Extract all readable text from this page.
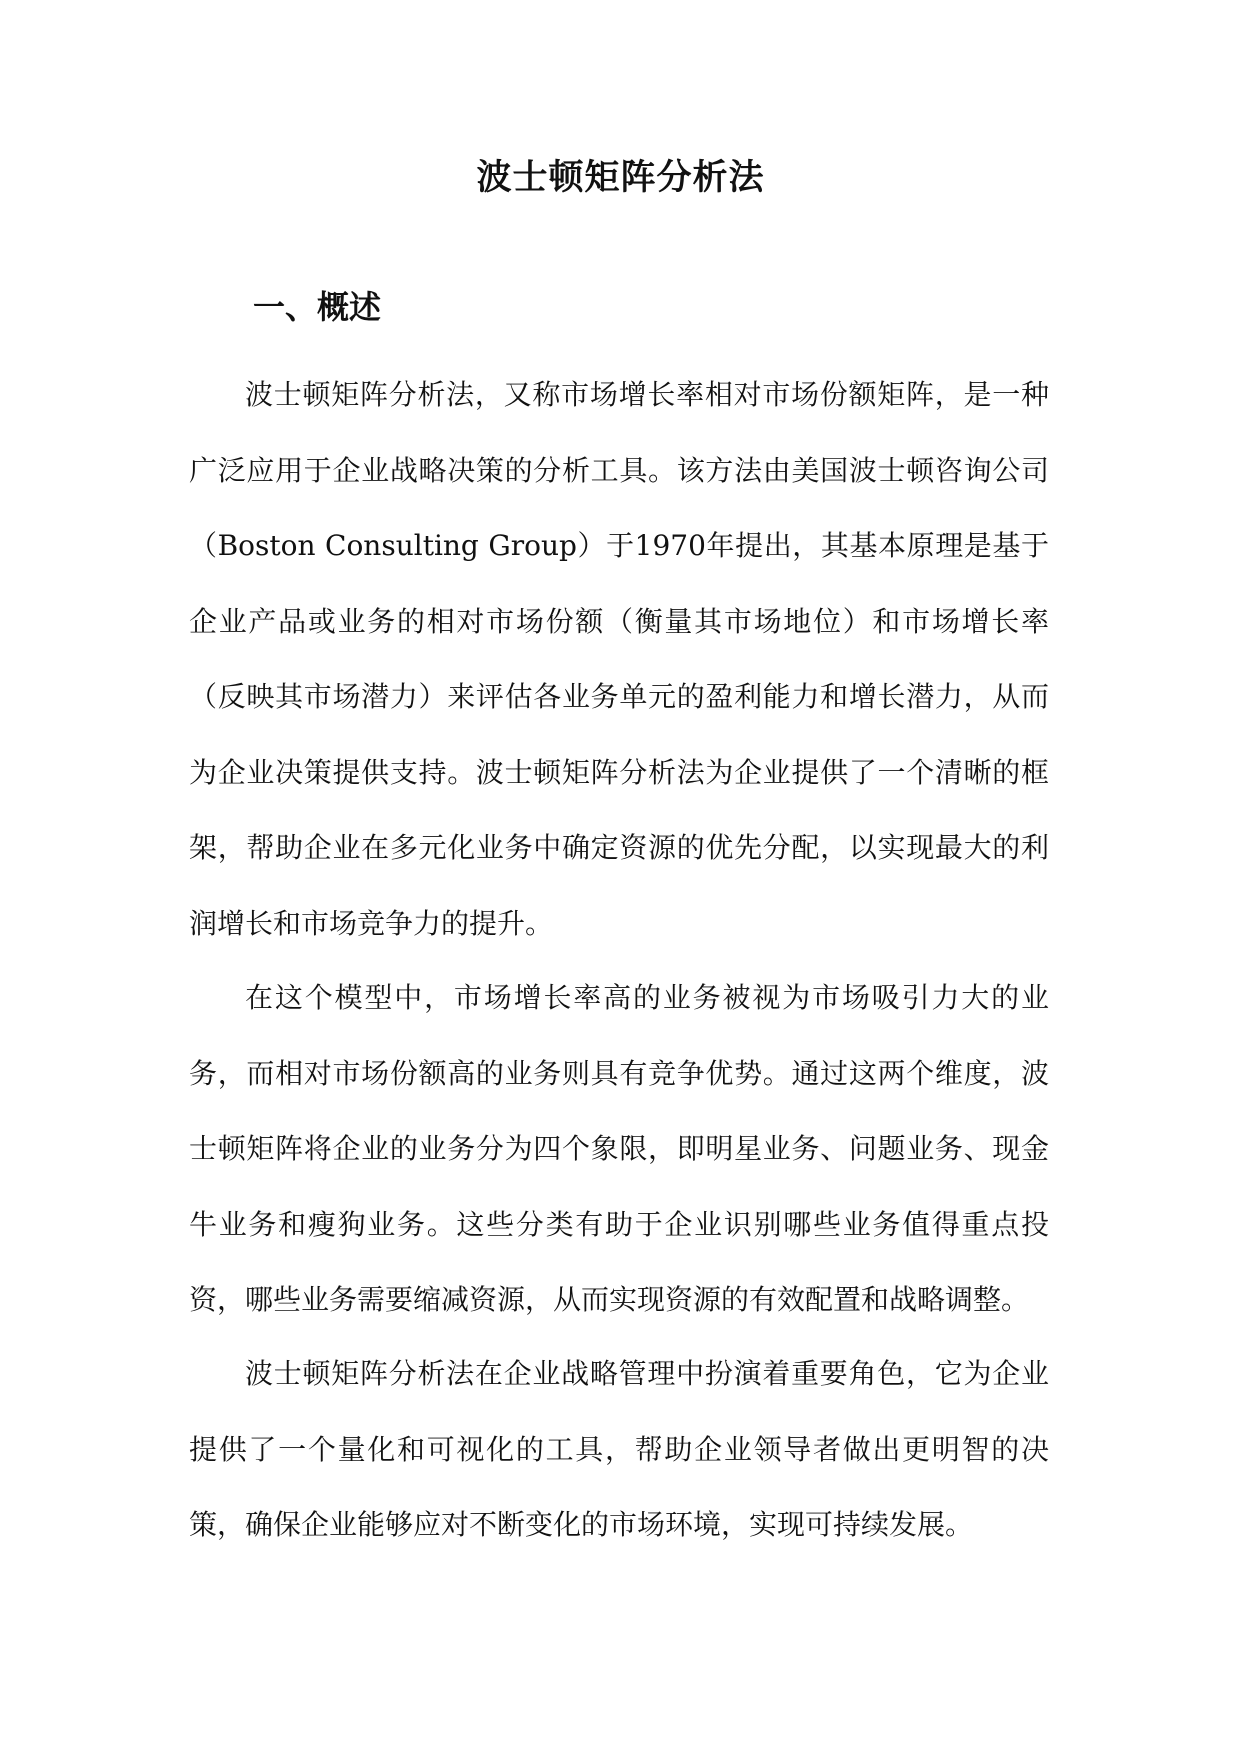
波士顿矩阵分析法
一、概述

波士顿矩阵分析法，又称市场增长率相对市场份额矩阵，是一种广泛应用于企业战略决策的分析工具。该方法由美国波士顿咨询公司（Boston Consulting Group）于1970年提出，其基本原理是基于企业产品或业务的相对市场份额（衡量其市场地位）和市场增长率（反映其市场潜力）来评估各业务单元的盈利能力和增长潜力，从而为企业决策提供支持。波士顿矩阵分析法为企业提供了一个清晰的框架，帮助企业在多元化业务中确定资源的优先分配，以实现最大的利润增长和市场竞争力的提升。

在这个模型中，市场增长率高的业务被视为市场吸引力大的业务，而相对市场份额高的业务则具有竞争优势。通过这两个维度，波士顿矩阵将企业的业务分为四个象限，即明星业务、问题业务、现金牛业务和瘦狗业务。这些分类有助于企业识别哪些业务值得重点投资，哪些业务需要缩减资源，从而实现资源的有效配置和战略调整。

波士顿矩阵分析法在企业战略管理中扮演着重要角色，它为企业提供了一个量化和可视化的工具，帮助企业领导者做出更明智的决策，确保企业能够应对不断变化的市场环境，实现可持续发展。
